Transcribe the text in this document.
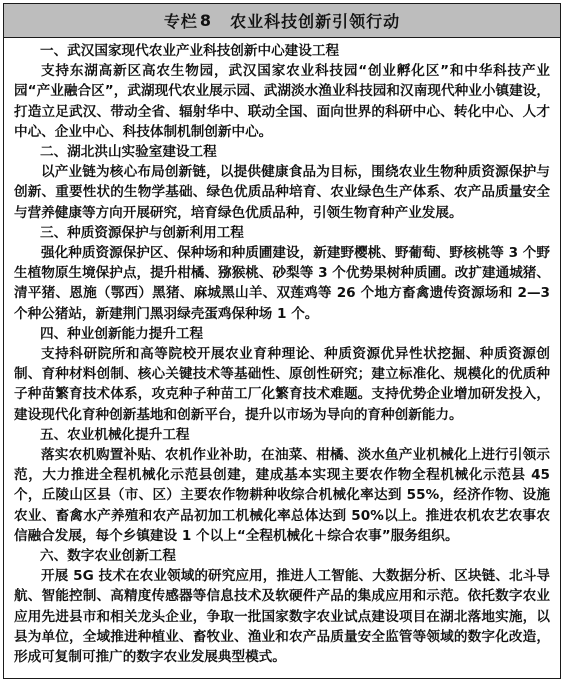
专栏 8 农业科技创新引领行动
一、武汉国家现代农业产业科技创新中心建设工程

支持东湖高新区高农生物园，武汉国家农业科技园“创业孵化区”和中华科技产业园“产业融合区”，武湖现代农业展示园、武湖淡水渔业科技园和汉南现代种业小镇建设，打造立足武汉、带动全省、辐射华中、联动全国、面向世界的科研中心、转化中心、人才中心、企业中心、科技体制机制创新中心。

二、湖北洪山实验室建设工程

以产业链为核心布局创新链，以提供健康食品为目标，围绕农业生物种质资源保护与创新、重要性状的生物学基础、绿色优质品种培育、农业绿色生产体系、农产品质量安全与营养健康等方向开展研究，培育绿色优质品种，引领生物育种产业发展。

三、种质资源保护与创新利用工程

强化种质资源保护区、保种场和种质圃建设，新建野樱桃、野葡萄、野核桃等 3 个野生植物原生境保护点，提升柑橘、猕猴桃、砂梨等 3 个优势果树种质圃。改扩建通城猪、清平猪、恩施（鄂西）黑猪、麻城黑山羊、双莲鸡等 26 个地方畜禽遗传资源场和 2—3 个种公猪站，新建荆门黑羽绿壳蛋鸡保种场 1 个。

四、种业创新能力提升工程

支持科研院所和高等院校开展农业育种理论、种质资源优异性状挖掘、种质资源创制、育种材料创制、核心关键技术等基础性、原创性研究；建立标准化、规模化的优质种子种苗繁育技术体系，攻克种子种苗工厂化繁育技术难题。支持优势企业增加研发投入，建设现代化育种创新基地和创新平台，提升以市场为导向的育种创新能力。

五、农业机械化提升工程

落实农机购置补贴、农机作业补助，在油菜、柑橘、淡水鱼产业机械化上进行引领示范，大力推进全程机械化示范县创建，建成基本实现主要农作物全程机械化示范县 45 个，丘陵山区县（市、区）主要农作物耕种收综合机械化率达到 55%，经济作物、设施农业、畜禽水产养殖和农产品初加工机械化率总体达到 50%以上。推进农机农艺农事农信融合发展，每个乡镇建设 1 个以上“全程机械化＋综合农事”服务组织。

六、数字农业创新工程

开展 5G 技术在农业领域的研究应用，推进人工智能、大数据分析、区块链、北斗导航、智能控制、高精度传感器等信息技术及软硬件产品的集成应用和示范。依托数字农业应用先进县市和相关龙头企业，争取一批国家数字农业试点建设项目在湖北落地实施，以县为单位，全域推进种植业、畜牧业、渔业和农产品质量安全监管等领域的数字化改造，形成可复制可推广的数字农业发展典型模式。
